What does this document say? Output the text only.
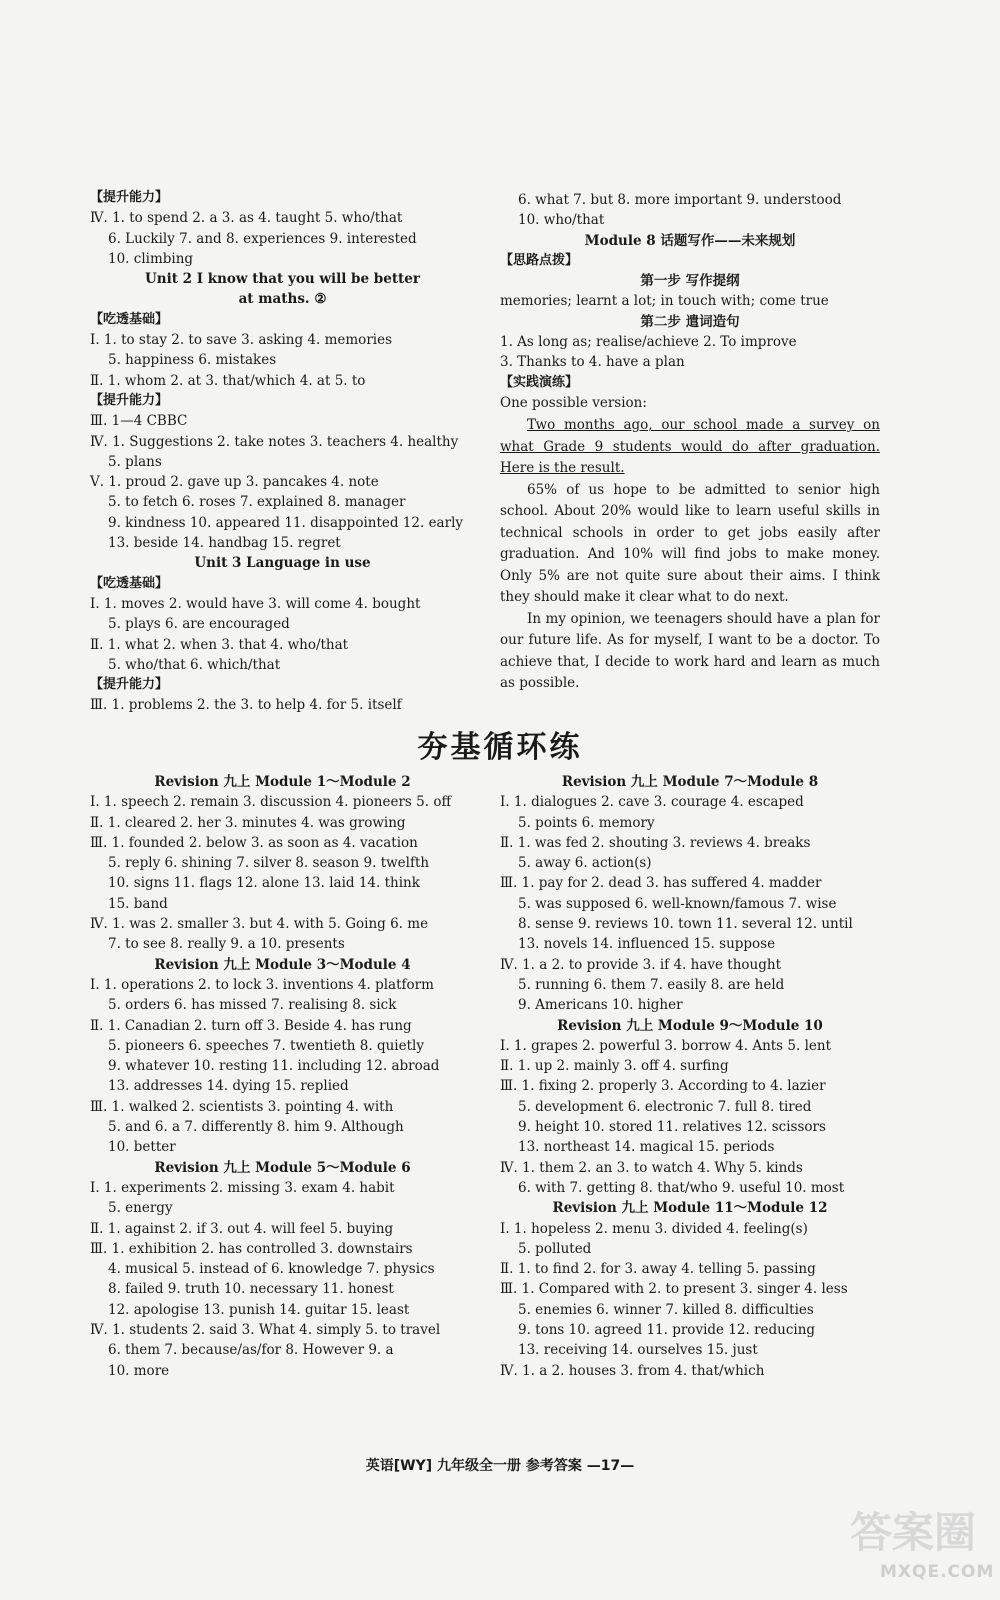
【提升能力】
Ⅳ. 1. to spend 2. a 3. as 4. taught 5. who/that
6. Luckily 7. and 8. experiences 9. interested
10. climbing
Unit 2 I know that you will be better
at maths. ②
【吃透基础】
Ⅰ. 1. to stay 2. to save 3. asking 4. memories
5. happiness 6. mistakes
Ⅱ. 1. whom 2. at 3. that/which 4. at 5. to
【提升能力】
Ⅲ. 1—4 CBBC
Ⅳ. 1. Suggestions 2. take notes 3. teachers 4. healthy
5. plans
Ⅴ. 1. proud 2. gave up 3. pancakes 4. note
5. to fetch 6. roses 7. explained 8. manager
9. kindness 10. appeared 11. disappointed 12. early
13. beside 14. handbag 15. regret
Unit 3 Language in use
【吃透基础】
Ⅰ. 1. moves 2. would have 3. will come 4. bought
5. plays 6. are encouraged
Ⅱ. 1. what 2. when 3. that 4. who/that
5. who/that 6. which/that
【提升能力】
Ⅲ. 1. problems 2. the 3. to help 4. for 5. itself
6. what 7. but 8. more important 9. understood
10. who/that
Module 8 话题写作——未来规划
【思路点拨】
第一步 写作提纲
memories; learnt a lot; in touch with; come true
第二步 遣词造句
1. As long as; realise/achieve 2. To improve
3. Thanks to 4. have a plan
【实践演练】
One possible version:

Two months ago, our school made a survey on what Grade 9 students would do after graduation. Here is the result.

65% of us hope to be admitted to senior high school. About 20% would like to learn useful skills in technical schools in order to get jobs easily after graduation. And 10% will find jobs to make money. Only 5% are not quite sure about their aims. I think they should make it clear what to do next.

In my opinion, we teenagers should have a plan for our future life. As for myself, I want to be a doctor. To achieve that, I decide to work hard and learn as much as possible.

夯基循环练
Revision 九上 Module 1～Module 2
Ⅰ. 1. speech 2. remain 3. discussion 4. pioneers 5. off
Ⅱ. 1. cleared 2. her 3. minutes 4. was growing
Ⅲ. 1. founded 2. below 3. as soon as 4. vacation
5. reply 6. shining 7. silver 8. season 9. twelfth
10. signs 11. flags 12. alone 13. laid 14. think
15. band
Ⅳ. 1. was 2. smaller 3. but 4. with 5. Going 6. me
7. to see 8. really 9. a 10. presents
Revision 九上 Module 3～Module 4
Ⅰ. 1. operations 2. to lock 3. inventions 4. platform
5. orders 6. has missed 7. realising 8. sick
Ⅱ. 1. Canadian 2. turn off 3. Beside 4. has rung
5. pioneers 6. speeches 7. twentieth 8. quietly
9. whatever 10. resting 11. including 12. abroad
13. addresses 14. dying 15. replied
Ⅲ. 1. walked 2. scientists 3. pointing 4. with
5. and 6. a 7. differently 8. him 9. Although
10. better
Revision 九上 Module 5～Module 6
Ⅰ. 1. experiments 2. missing 3. exam 4. habit
5. energy
Ⅱ. 1. against 2. if 3. out 4. will feel 5. buying
Ⅲ. 1. exhibition 2. has controlled 3. downstairs
4. musical 5. instead of 6. knowledge 7. physics
8. failed 9. truth 10. necessary 11. honest
12. apologise 13. punish 14. guitar 15. least
Ⅳ. 1. students 2. said 3. What 4. simply 5. to travel
6. them 7. because/as/for 8. However 9. a
10. more
Revision 九上 Module 7～Module 8
Ⅰ. 1. dialogues 2. cave 3. courage 4. escaped
5. points 6. memory
Ⅱ. 1. was fed 2. shouting 3. reviews 4. breaks
5. away 6. action(s)
Ⅲ. 1. pay for 2. dead 3. has suffered 4. madder
5. was supposed 6. well-known/famous 7. wise
8. sense 9. reviews 10. town 11. several 12. until
13. novels 14. influenced 15. suppose
Ⅳ. 1. a 2. to provide 3. if 4. have thought
5. running 6. them 7. easily 8. are held
9. Americans 10. higher
Revision 九上 Module 9～Module 10
Ⅰ. 1. grapes 2. powerful 3. borrow 4. Ants 5. lent
Ⅱ. 1. up 2. mainly 3. off 4. surfing
Ⅲ. 1. fixing 2. properly 3. According to 4. lazier
5. development 6. electronic 7. full 8. tired
9. height 10. stored 11. relatives 12. scissors
13. northeast 14. magical 15. periods
Ⅳ. 1. them 2. an 3. to watch 4. Why 5. kinds
6. with 7. getting 8. that/who 9. useful 10. most
Revision 九上 Module 11～Module 12
Ⅰ. 1. hopeless 2. menu 3. divided 4. feeling(s)
5. polluted
Ⅱ. 1. to find 2. for 3. away 4. telling 5. passing
Ⅲ. 1. Compared with 2. to present 3. singer 4. less
5. enemies 6. winner 7. killed 8. difficulties
9. tons 10. agreed 11. provide 12. reducing
13. receiving 14. ourselves 15. just
Ⅳ. 1. a 2. houses 3. from 4. that/which
英语[WY] 九年级全一册 参考答案 —17—
答案圈
MXQE.COM
